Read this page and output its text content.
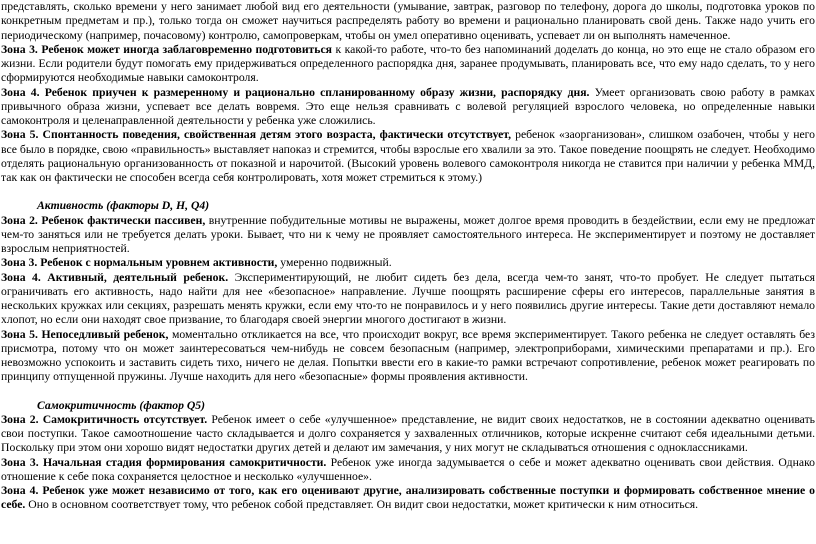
представлять, сколько времени у него занимает любой вид его деятельности (умывание, завтрак, разговор по телефону, дорога до школы, подготовка уроков по конкретным предметам и пр.), только тогда он сможет научиться распределять работу во времени и рационально планировать свой день. Также надо учить его периодическому (например, почасовому) контролю, самопроверкам, чтобы он умел оперативно оценивать, успевает ли он выполнять намеченное.

Зона 3. Ребенок может иногда заблаговременно подготовиться к какой-то работе, что-то без напоминаний доделать до конца, но это еще не стало образом его жизни. Если родители будут помогать ему придерживаться определенного распорядка дня, заранее продумывать, планировать все, что ему надо сделать, то у него сформируются необходимые навыки самоконтроля.

Зона 4. Ребенок приучен к размеренному и рационально спланированному образу жизни, распорядку дня. Умеет организовать свою работу в рамках привычного образа жизни, успевает все делать вовремя. Это еще нельзя сравнивать с волевой регуляцией взрослого человека, но определенные навыки самоконтроля и целенаправленной деятельности у ребенка уже сложились.

Зона 5. Спонтанность поведения, свойственная детям этого возраста, фактически отсутствует, ребенок «заорганизован», слишком озабочен, чтобы у него все было в порядке, свою «правильность» выставляет напоказ и стремится, чтобы взрослые его хвалили за это. Такое поведение поощрять не следует. Необходимо отделять рациональную организованность от показной и нарочитой. (Высокий уровень волевого самоконтроля никогда не ставится при наличии у ребенка ММД, так как он фактически не способен всегда себя контролировать, хотя может стремиться к этому.)

Активность (факторы D, H, Q4)

Зона 2. Ребенок фактически пассивен, внутренние побудительные мотивы не выражены, может долгое время проводить в бездействии, если ему не предложат чем-то заняться или не требуется делать уроки. Бывает, что ни к чему не проявляет самостоятельного интереса. Не экспериментирует и поэтому не доставляет взрослым неприятностей.

Зона 3. Ребенок с нормальным уровнем активности, умеренно подвижный.

Зона 4. Активный, деятельный ребенок. Экспериментирующий, не любит сидеть без дела, всегда чем-то занят, что-то пробует. Не следует пытаться ограничивать его активность, надо найти для нее «безопасное» направление. Лучше поощрять расширение сферы его интересов, параллельные занятия в нескольких кружках или секциях, разрешать менять кружки, если ему что-то не понравилось и у него появились другие интересы. Такие дети доставляют немало хлопот, но если они находят свое призвание, то благодаря своей энергии многого достигают в жизни.

Зона 5. Непоседливый ребенок, моментально откликается на все, что происходит вокруг, все время экспериментирует. Такого ребенка не следует оставлять без присмотра, потому что он может заинтересоваться чем-нибудь не совсем безопасным (например, электроприборами, химическими препаратами и пр.). Его невозможно успокоить и заставить сидеть тихо, ничего не делая. Попытки ввести его в какие-то рамки встречают сопротивление, ребенок может реагировать по принципу отпущенной пружины. Лучше находить для него «безопасные» формы проявления активности.

Самокритичность (фактор Q5)

Зона 2. Самокритичность отсутствует. Ребенок имеет о себе «улучшенное» представление, не видит своих недостатков, не в состоянии адекватно оценивать свои поступки. Такое самоотношение часто складывается и долго сохраняется у захваленных отличников, которые искренне считают себя идеальными детьми. Поскольку при этом они хорошо видят недостатки других детей и делают им замечания, у них могут не складываться отношения с одноклассниками.

Зона 3. Начальная стадия формирования самокритичности. Ребенок уже иногда задумывается о себе и может адекватно оценивать свои действия. Однако отношение к себе пока сохраняется целостное и несколько «улучшенное».

Зона 4. Ребенок уже может независимо от того, как его оценивают другие, анализировать собственные поступки и формировать собственное мнение о себе. Оно в основном соответствует тому, что ребенок собой представляет. Он видит свои недостатки, может критически к ним относиться.
